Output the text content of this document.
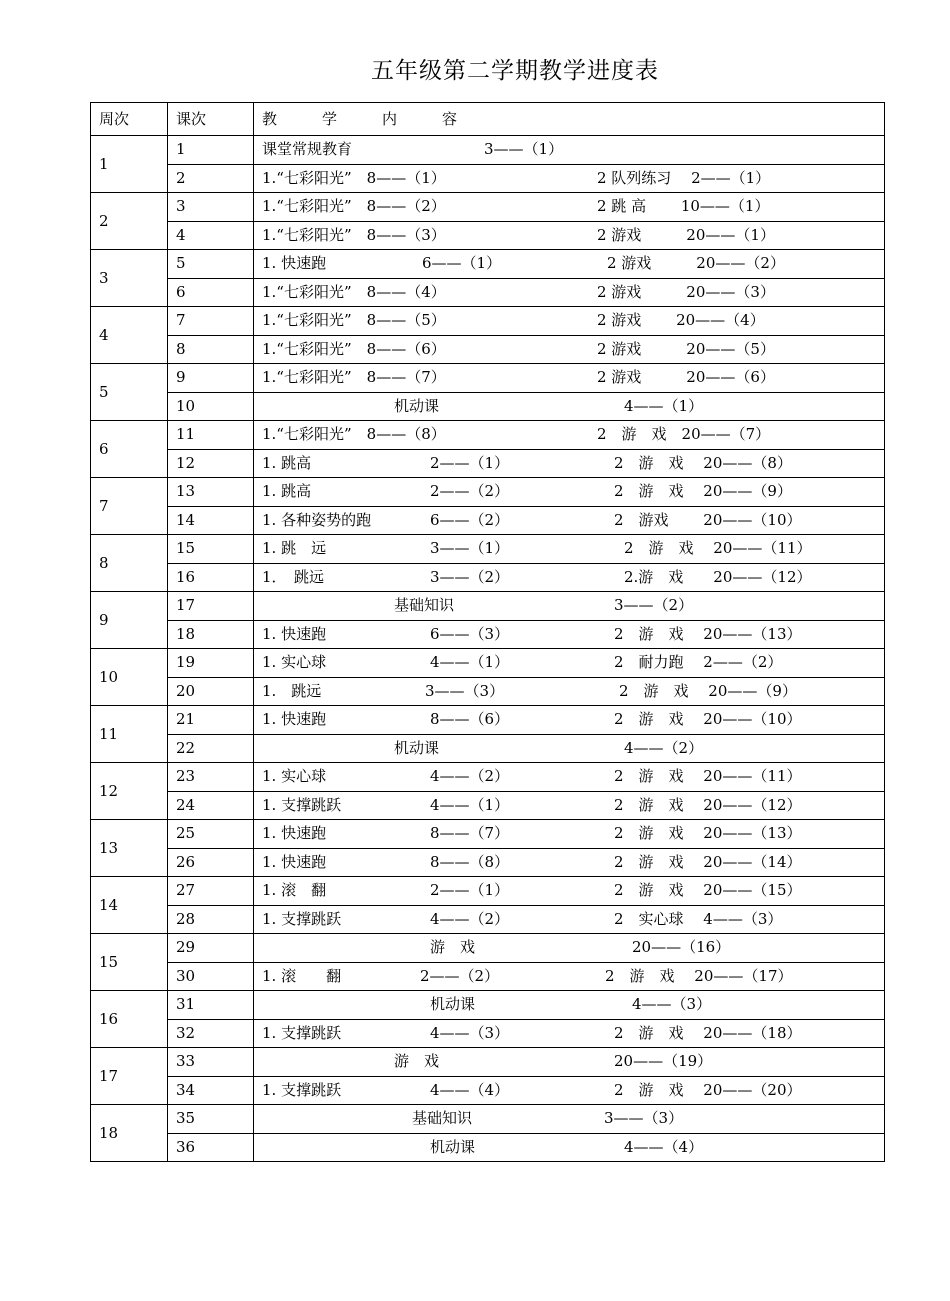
五年级第二学期教学进度表
周次	课次	教　　　学　　　内　　　容
1	1	课堂常规教育 3——（1）

	2	1.“七彩阳光”　8——（1） 2 队列练习　 2——（1）

2	3	1.“七彩阳光”　8——（2） 2 跳 高　　 10——（1）

	4	1.“七彩阳光”　8——（3） 2 游戏　　　20——（1）

3	5	1. 快速跑 6——（1） 2 游戏　　　20——（2）

	6	1.“七彩阳光”　8——（4） 2 游戏　　　20——（3）

4	7	1.“七彩阳光”　8——（5） 2 游戏　　 20——（4）

	8	1.“七彩阳光”　8——（6） 2 游戏　　　20——（5）

5	9	1.“七彩阳光”　8——（7） 2 游戏　　　20——（6）

	10	机动课 4——（1）

6	11	1.“七彩阳光”　8——（8） 2　游　戏　20——（7）

	12	1. 跳高 2——（1） 2　游　戏　 20——（8）

7	13	1. 跳高 2——（2） 2　游　戏　 20——（9）

	14	1. 各种姿势的跑 6——（2） 2　游戏　　 20——（10）

8	15	1. 跳　远 3——（1） 2　游　戏　 20——（11）

	16	1．　跳远 3——（2） 2.游　戏　　20——（12）

9	17	基础知识 3——（2）

	18	1. 快速跑 6——（3） 2　游　戏　 20——（13）

10	19	1. 实心球 4——（1） 2　耐力跑　 2——（2）

	20	1.　跳远 3——（3） 2　游　戏　 20——（9）

11	21	1. 快速跑 8——（6） 2　游　戏　 20——（10）

	22	机动课 4——（2）

12	23	1. 实心球 4——（2） 2　游　戏　 20——（11）

	24	1. 支撑跳跃 4——（1） 2　游　戏　 20——（12）

13	25	1. 快速跑 8——（7） 2　游　戏　 20——（13）

	26	1. 快速跑 8——（8） 2　游　戏　 20——（14）

14	27	1. 滚　翻 2——（1） 2　游　戏　 20——（15）

	28	1. 支撑跳跃 4——（2） 2　实心球　 4——（3）

15	29	游　戏 20——（16）

	30	1. 滚　　翻 2——（2） 2　游　戏　 20——（17）

16	31	机动课 4——（3）

	32	1. 支撑跳跃 4——（3） 2　游　戏　 20——（18）

17	33	游　戏 20——（19）

	34	1. 支撑跳跃 4——（4） 2　游　戏　 20——（20）

18	35	基础知识 3——（3）

	36	机动课 4——（4）
